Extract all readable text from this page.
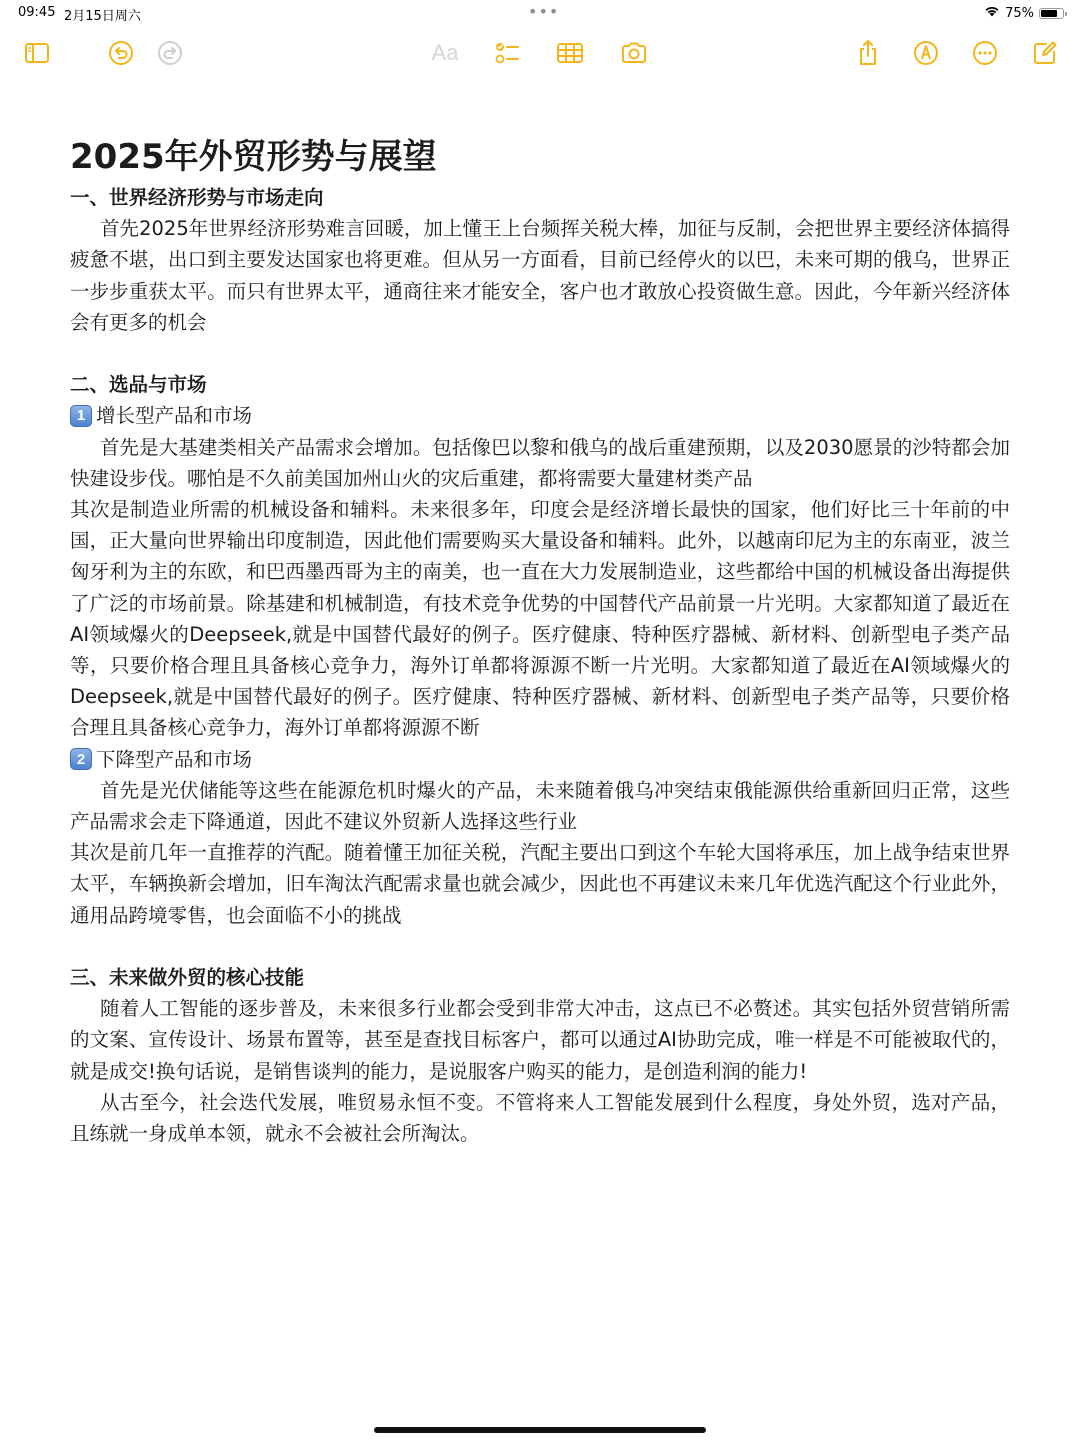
09:45 2月15日周六	•••	75%
Aa
2025年外贸形势与展望

一、世界经济形势与市场走向

首先2025年世界经济形势难言回暖，加上懂王上台频挥关税大棒，加征与反制，会把世界主要经济体搞得疲惫不堪，出口到主要发达国家也将更难。但从另一方面看，目前已经停火的以巴，未来可期的俄乌，世界正一步步重获太平。而只有世界太平，通商往来才能安全，客户也才敢放心投资做生意。因此，今年新兴经济体会有更多的机会

二、选品与市场

1 增长型产品和市场

首先是大基建类相关产品需求会增加。包括像巴以黎和俄乌的战后重建预期，以及2030愿景的沙特都会加快建设步伐。哪怕是不久前美国加州山火的灾后重建，都将需要大量建材类产品

其次是制造业所需的机械设备和辅料。未来很多年，印度会是经济增长最快的国家，他们好比三十年前的中国，正大量向世界输出印度制造，因此他们需要购买大量设备和辅料。此外，以越南印尼为主的东南亚，波兰匈牙利为主的东欧，和巴西墨西哥为主的南美，也一直在大力发展制造业，这些都给中国的机械设备出海提供了广泛的市场前景。除基建和机械制造，有技术竞争优势的中国替代产品前景一片光明。大家都知道了最近在AI领域爆火的Deepseek,就是中国替代最好的例子。医疗健康、特种医疗器械、新材料、创新型电子类产品等，只要价格合理且具备核心竞争力，海外订单都将源源不断一片光明。大家都知道了最近在AI领域爆火的Deepseek,就是中国替代最好的例子。医疗健康、特种医疗器械、新材料、创新型电子类产品等，只要价格合理且具备核心竞争力，海外订单都将源源不断

2 下降型产品和市场

首先是光伏储能等这些在能源危机时爆火的产品，未来随着俄乌冲突结束俄能源供给重新回归正常，这些产品需求会走下降通道，因此不建议外贸新人选择这些行业

其次是前几年一直推荐的汽配。随着懂王加征关税，汽配主要出口到这个车轮大国将承压，加上战争结束世界太平，车辆换新会增加，旧车淘汰汽配需求量也就会减少，因此也不再建议未来几年优选汽配这个行业此外，通用品跨境零售，也会面临不小的挑战

三、未来做外贸的核心技能

随着人工智能的逐步普及，未来很多行业都会受到非常大冲击，这点已不必赘述。其实包括外贸营销所需的文案、宣传设计、场景布置等，甚至是查找目标客户，都可以通过AI协助完成，唯一样是不可能被取代的，就是成交!换句话说，是销售谈判的能力，是说服客户购买的能力，是创造利润的能力!

从古至今，社会迭代发展，唯贸易永恒不变。不管将来人工智能发展到什么程度，身处外贸，选对产品，且练就一身成单本领，就永不会被社会所淘汰。
